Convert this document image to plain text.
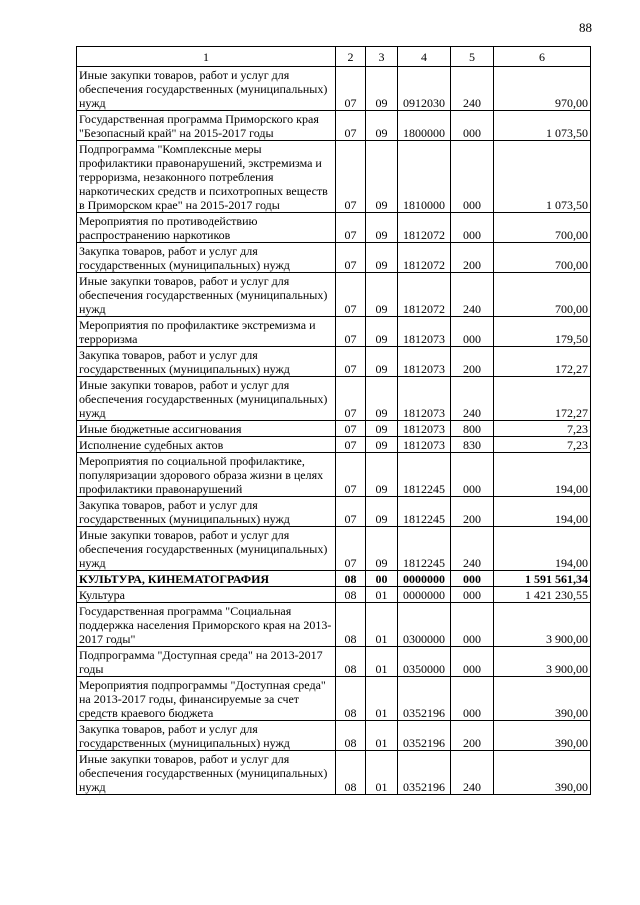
88
1	2	3	4	5	6
Иные закупки товаров, работ и услуг для обеспечения государственных (муниципальных) нужд	07	09	0912030	240	970,00
Государственная программа Приморского края "Безопасный край" на 2015-2017 годы	07	09	1800000	000	1 073,50
Подпрограмма "Комплексные меры профилактики правонарушений, экстремизма и терроризма, незаконного потребления наркотических средств и психотропных веществ в Приморском крае" на 2015-2017 годы	07	09	1810000	000	1 073,50
Мероприятия по противодействию распространению наркотиков	07	09	1812072	000	700,00
Закупка товаров, работ и услуг для государственных (муниципальных) нужд	07	09	1812072	200	700,00
Иные закупки товаров, работ и услуг для обеспечения государственных (муниципальных) нужд	07	09	1812072	240	700,00
Мероприятия по профилактике экстремизма и терроризма	07	09	1812073	000	179,50
Закупка товаров, работ и услуг для государственных (муниципальных) нужд	07	09	1812073	200	172,27
Иные закупки товаров, работ и услуг для обеспечения государственных (муниципальных) нужд	07	09	1812073	240	172,27
Иные бюджетные ассигнования	07	09	1812073	800	7,23
Исполнение судебных актов	07	09	1812073	830	7,23
Мероприятия по социальной профилактике, популяризации здорового образа жизни в целях профилактики правонарушений	07	09	1812245	000	194,00
Закупка товаров, работ и услуг для государственных (муниципальных) нужд	07	09	1812245	200	194,00
Иные закупки товаров, работ и услуг для обеспечения государственных (муниципальных) нужд	07	09	1812245	240	194,00
КУЛЬТУРА, КИНЕМАТОГРАФИЯ	08	00	0000000	000	1 591 561,34
Культура	08	01	0000000	000	1 421 230,55
Государственная программа "Социальная поддержка населения Приморского края на 2013-2017 годы"	08	01	0300000	000	3 900,00
Подпрограмма "Доступная среда" на 2013-2017 годы	08	01	0350000	000	3 900,00
Мероприятия подпрограммы "Доступная среда" на 2013-2017 годы, финансируемые за счет средств краевого бюджета	08	01	0352196	000	390,00
Закупка товаров, работ и услуг для государственных (муниципальных) нужд	08	01	0352196	200	390,00
Иные закупки товаров, работ и услуг для обеспечения государственных (муниципальных) нужд	08	01	0352196	240	390,00
